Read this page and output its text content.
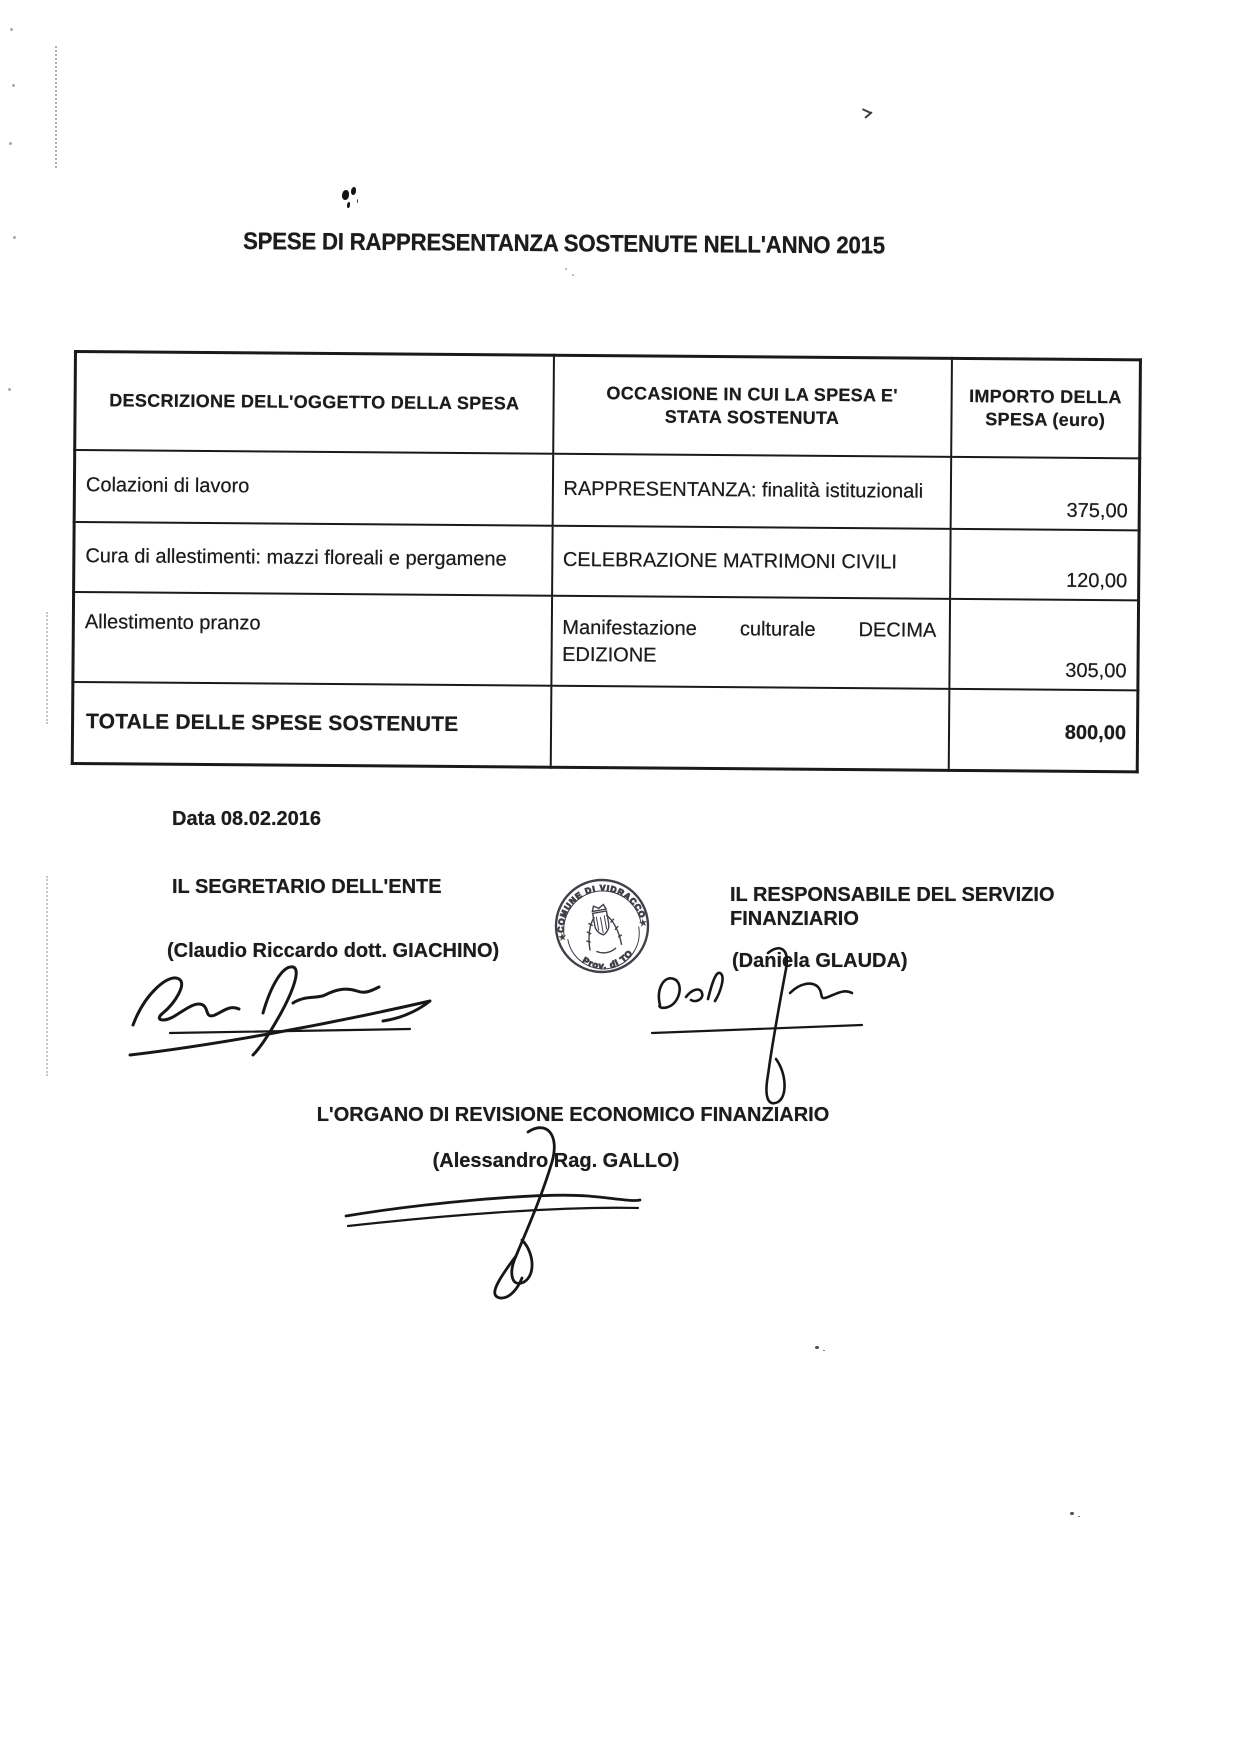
SPESE DI RAPPRESENTANZA SOSTENUTE NELL'ANNO 2015
DESCRIZIONE DELL'OGGETTO DELLA SPESA	OCCASIONE IN CUI LA SPESA E' STATA SOSTENUTA	IMPORTO DELLA SPESA (euro)
Colazioni di lavoro	RAPPRESENTANZA: finalità istituzionali	375,00
Cura di allestimenti: mazzi floreali e pergamene	CELEBRAZIONE MATRIMONI CIVILI	120,00
Allestimento pranzo	Manifestazione culturale DECIMA EDIZIONE	305,00
TOTALE DELLE SPESE SOSTENUTE		800,00
Data 08.02.2016
IL SEGRETARIO DELL'ENTE
(Claudio Riccardo dott. GIACHINO)
IL RESPONSABILE DEL SERVIZIO FINANZIARIO
(Daniela GLAUDA)
L'ORGANO DI REVISIONE ECONOMICO FINANZIARIO
(Alessandro Rag. GALLO)
COMUNE DI VIDRACCO
Prov. di TO
★
★
